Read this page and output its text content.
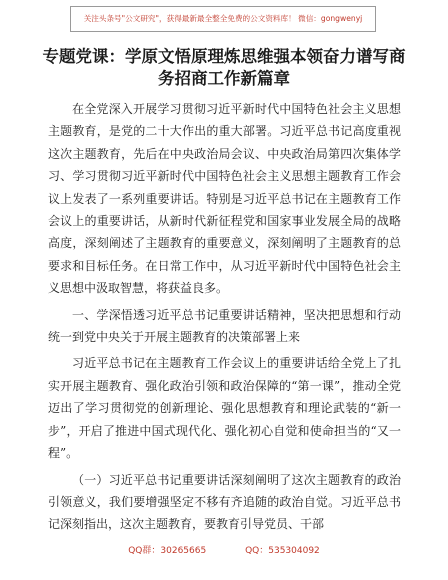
关注头条号"公文研究"，获得最新最全整全免费的公文资料库！ 微信：gongwenyj
专题党课：学原文悟原理炼思维强本领奋力谱写商务招商工作新篇章

在全党深入开展学习贯彻习近平新时代中国特色社会主义思想主题教育，是党的二十大作出的重大部署。习近平总书记高度重视这次主题教育，先后在中央政治局会议、中央政治局第四次集体学习、学习贯彻习近平新时代中国特色社会主义思想主题教育工作会议上发表了一系列重要讲话。特别是习近平总书记在主题教育工作会议上的重要讲话，从新时代新征程党和国家事业发展全局的战略高度，深刻阐述了主题教育的重要意义，深刻阐明了主题教育的总要求和目标任务。在日常工作中，从习近平新时代中国特色社会主义思想中汲取智慧，将获益良多。

一、学深悟透习近平总书记重要讲话精神，坚决把思想和行动统一到党中央关于开展主题教育的决策部署上来

习近平总书记在主题教育工作会议上的重要讲话给全党上了扎实开展主题教育、强化政治引领和政治保障的“第一课”，推动全党迈出了学习贯彻党的创新理论、强化思想教育和理论武装的“新一步”，开启了推进中国式现代化、强化初心自觉和使命担当的“又一程”。

（一）习近平总书记重要讲话深刻阐明了这次主题教育的政治引领意义，我们要增强坚定不移有齐追随的政治自觉。习近平总书记深刻指出，这次主题教育，要教育引导党员、干部

QQ群：30265665	QQ：535304092
